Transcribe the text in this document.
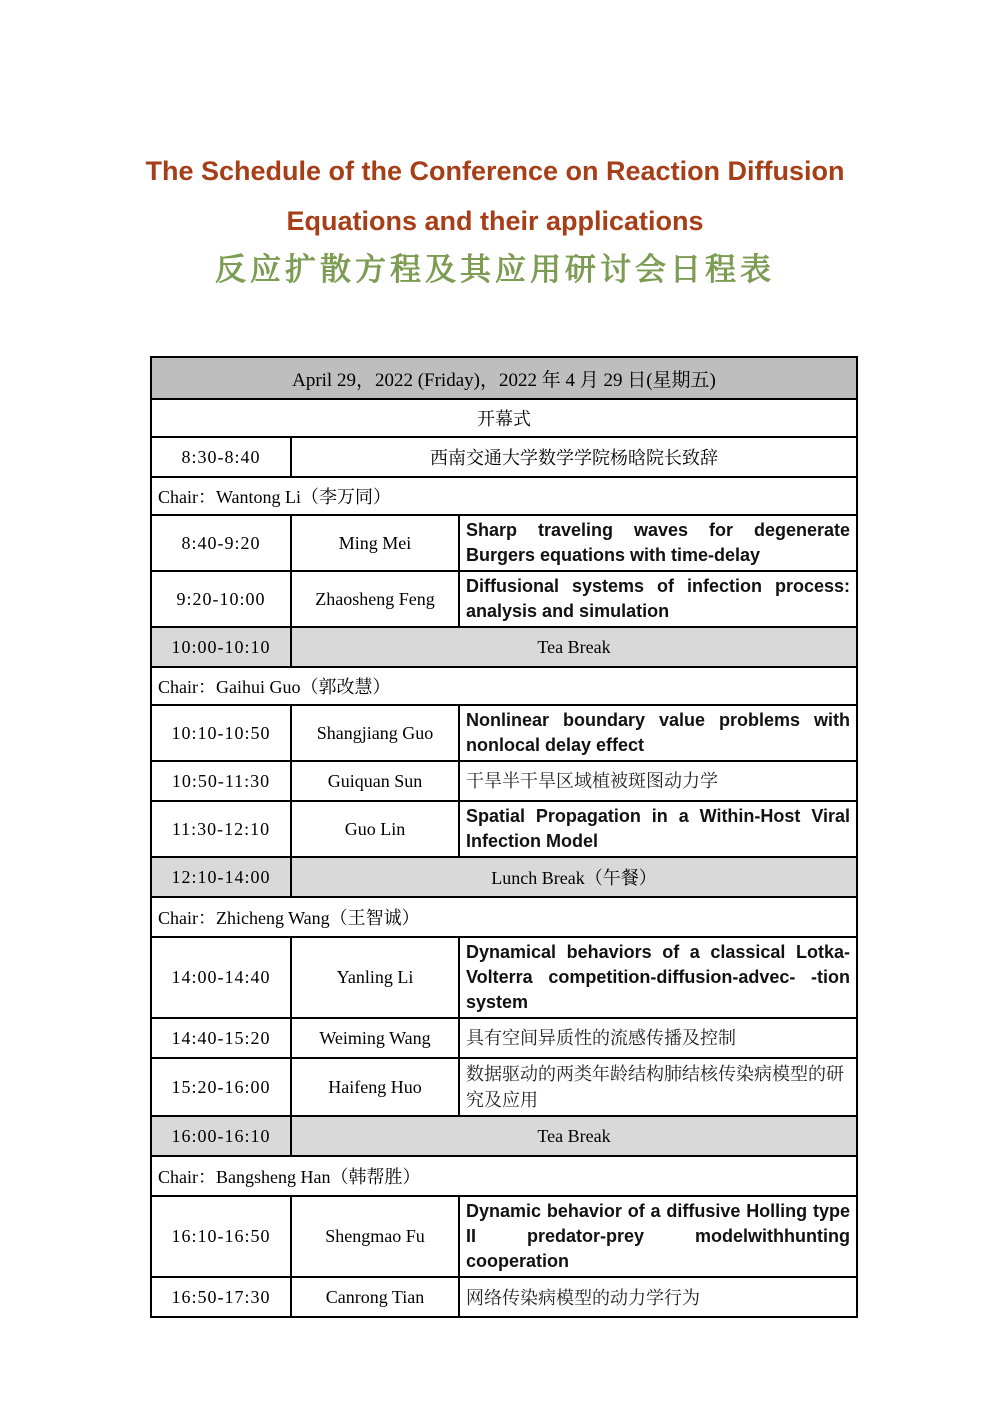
The Schedule of the Conference on Reaction Diffusion
Equations and their applications
反应扩散方程及其应用研讨会日程表
April 29，2022 (Friday)，2022 年 4 月 29 日(星期五)		
开幕式		
8:30-8:40	西南交通大学数学学院杨晗院长致辞	
Chair：Wantong Li（李万同）		
8:40-9:20	Ming Mei	Sharp traveling waves for degenerate Burgers equations with time-delay
9:20-10:00	Zhaosheng Feng	Diffusional systems of infection process: analysis and simulation
10:00-10:10	Tea Break	
Chair：Gaihui Guo（郭改慧）		
10:10-10:50	Shangjiang Guo	Nonlinear boundary value problems with nonlocal delay effect
10:50-11:30	Guiquan Sun	干旱半干旱区域植被斑图动力学
11:30-12:10	Guo Lin	Spatial Propagation in a Within-Host Viral Infection Model
12:10-14:00	Lunch Break（午餐）	
Chair：Zhicheng Wang（王智诚）		
14:00-14:40	Yanling Li	Dynamical behaviors of a classical Lotka-Volterra competition-diffusion-advec- -tion system
14:40-15:20	Weiming Wang	具有空间异质性的流感传播及控制
15:20-16:00	Haifeng Huo	数据驱动的两类年龄结构肺结核传染病模型的研究及应用
16:00-16:10	Tea Break	
Chair：Bangsheng Han（韩帮胜）		
16:10-16:50	Shengmao Fu	Dynamic behavior of a diffusive Holling type II predator-prey modelwithhunting cooperation
16:50-17:30	Canrong Tian	网络传染病模型的动力学行为
